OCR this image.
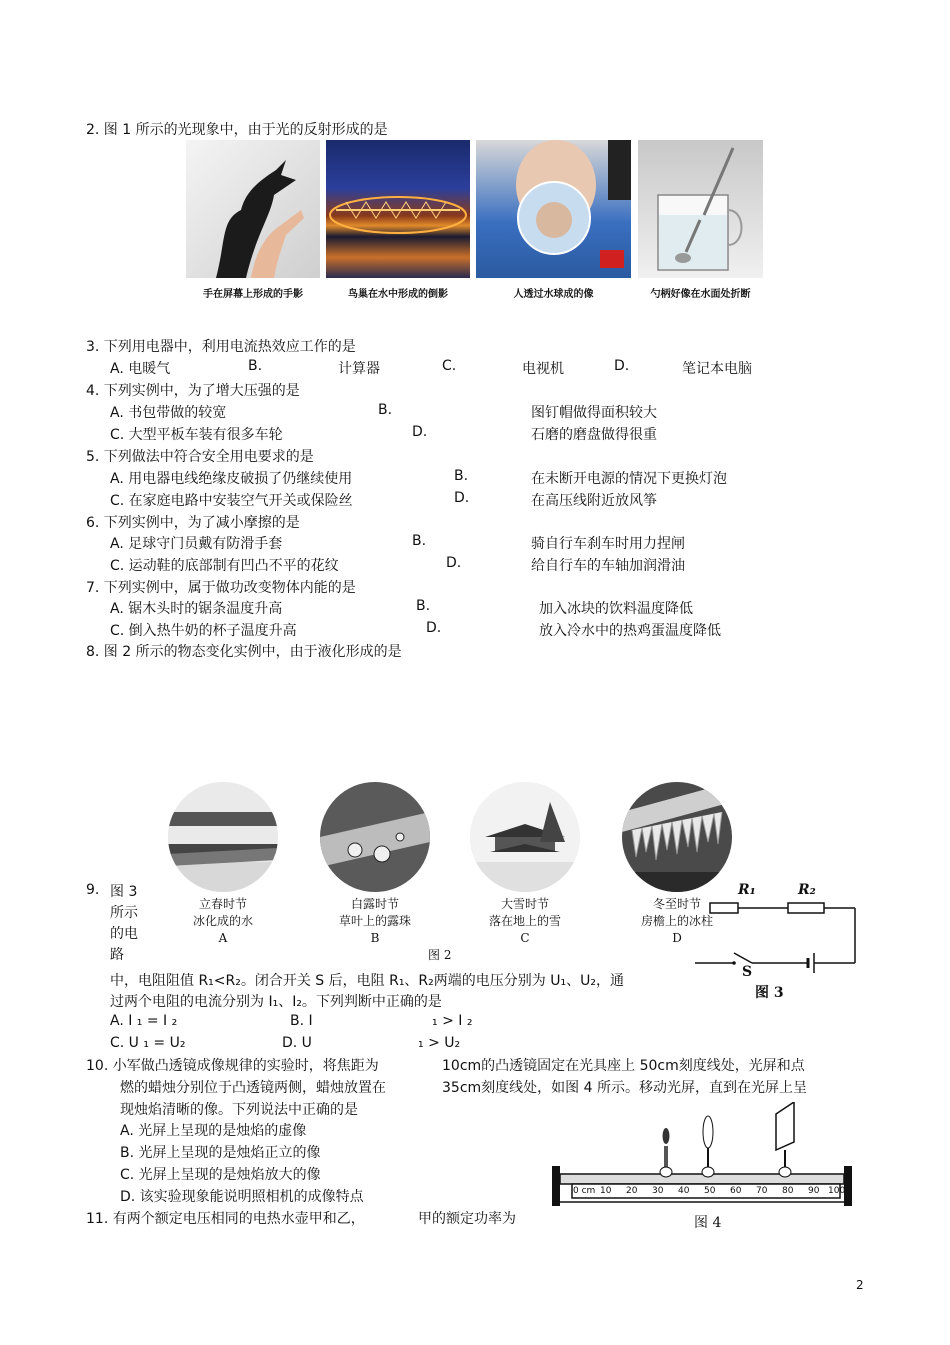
2. 图 1 所示的光现象中，由于光的反射形成的是
手在屏幕上形成的手影	鸟巢在水中形成的倒影	人透过水球成的像	勺柄好像在水面处折断
3. 下列用电器中，利用电流热效应工作的是
A. 电暖气	B.	计算器	C.	电视机	D.	笔记本电脑
4. 下列实例中，为了增大压强的是
A. 书包带做的较宽	B.	图钉帽做得面积较大
C. 大型平板车装有很多车轮	D.	石磨的磨盘做得很重
5. 下列做法中符合安全用电要求的是
A. 用电器电线绝缘皮破损了仍继续使用	B.	在未断开电源的情况下更换灯泡
C. 在家庭电路中安装空气开关或保险丝	D.	在高压线附近放风筝
6. 下列实例中，为了减小摩擦的是
A. 足球守门员戴有防滑手套	B.	骑自行车刹车时用力捏闸
C. 运动鞋的底部制有凹凸不平的花纹	D.	给自行车的车轴加润滑油
7. 下列实例中，属于做功改变物体内能的是
A. 锯木头时的锯条温度升高	B.	加入冰块的饮料温度降低
C. 倒入热牛奶的杯子温度升高	D.	放入冷水中的热鸡蛋温度降低
8. 图 2 所示的物态变化实例中，由于液化形成的是
立春时节
冰化成的水
A
白露时节
草叶上的露珠
B
大雪时节
落在地上的雪
C
冬至时节
房檐上的冰柱
D
图 2
9. 图 3
所示
的电
路
中，电阻阻值 R₁<R₂。闭合开关 S 后，电阻 R₁、R₂两端的电压分别为 U₁、U₂，通
过两个电阻的电流分别为 I₁、I₂。下列判断中正确的是
A. I ₁ = I ₂	B. I	₁ > I ₂
C. U ₁ = U₂	D. U	₁ > U₂
R₁	R₂
S
图 3
10. 小军做凸透镜成像规律的实验时，将焦距为	10cm的凸透镜固定在光具座上 50cm刻度线处，光屏和点
燃的蜡烛分别位于凸透镜两侧，蜡烛放置在	35cm刻度线处，如图 4 所示。移动光屏，直到在光屏上呈
现烛焰清晰的像。下列说法中正确的是
A. 光屏上呈现的是烛焰的虚像
B. 光屏上呈现的是烛焰正立的像
C. 光屏上呈现的是烛焰放大的像
D. 该实验现象能说明照相机的成像特点	0 cm 10 20 30 40 50 60 70 80 90 100
图 4
11. 有两个额定电压相同的电热水壶甲和乙，	甲的额定功率为
2
